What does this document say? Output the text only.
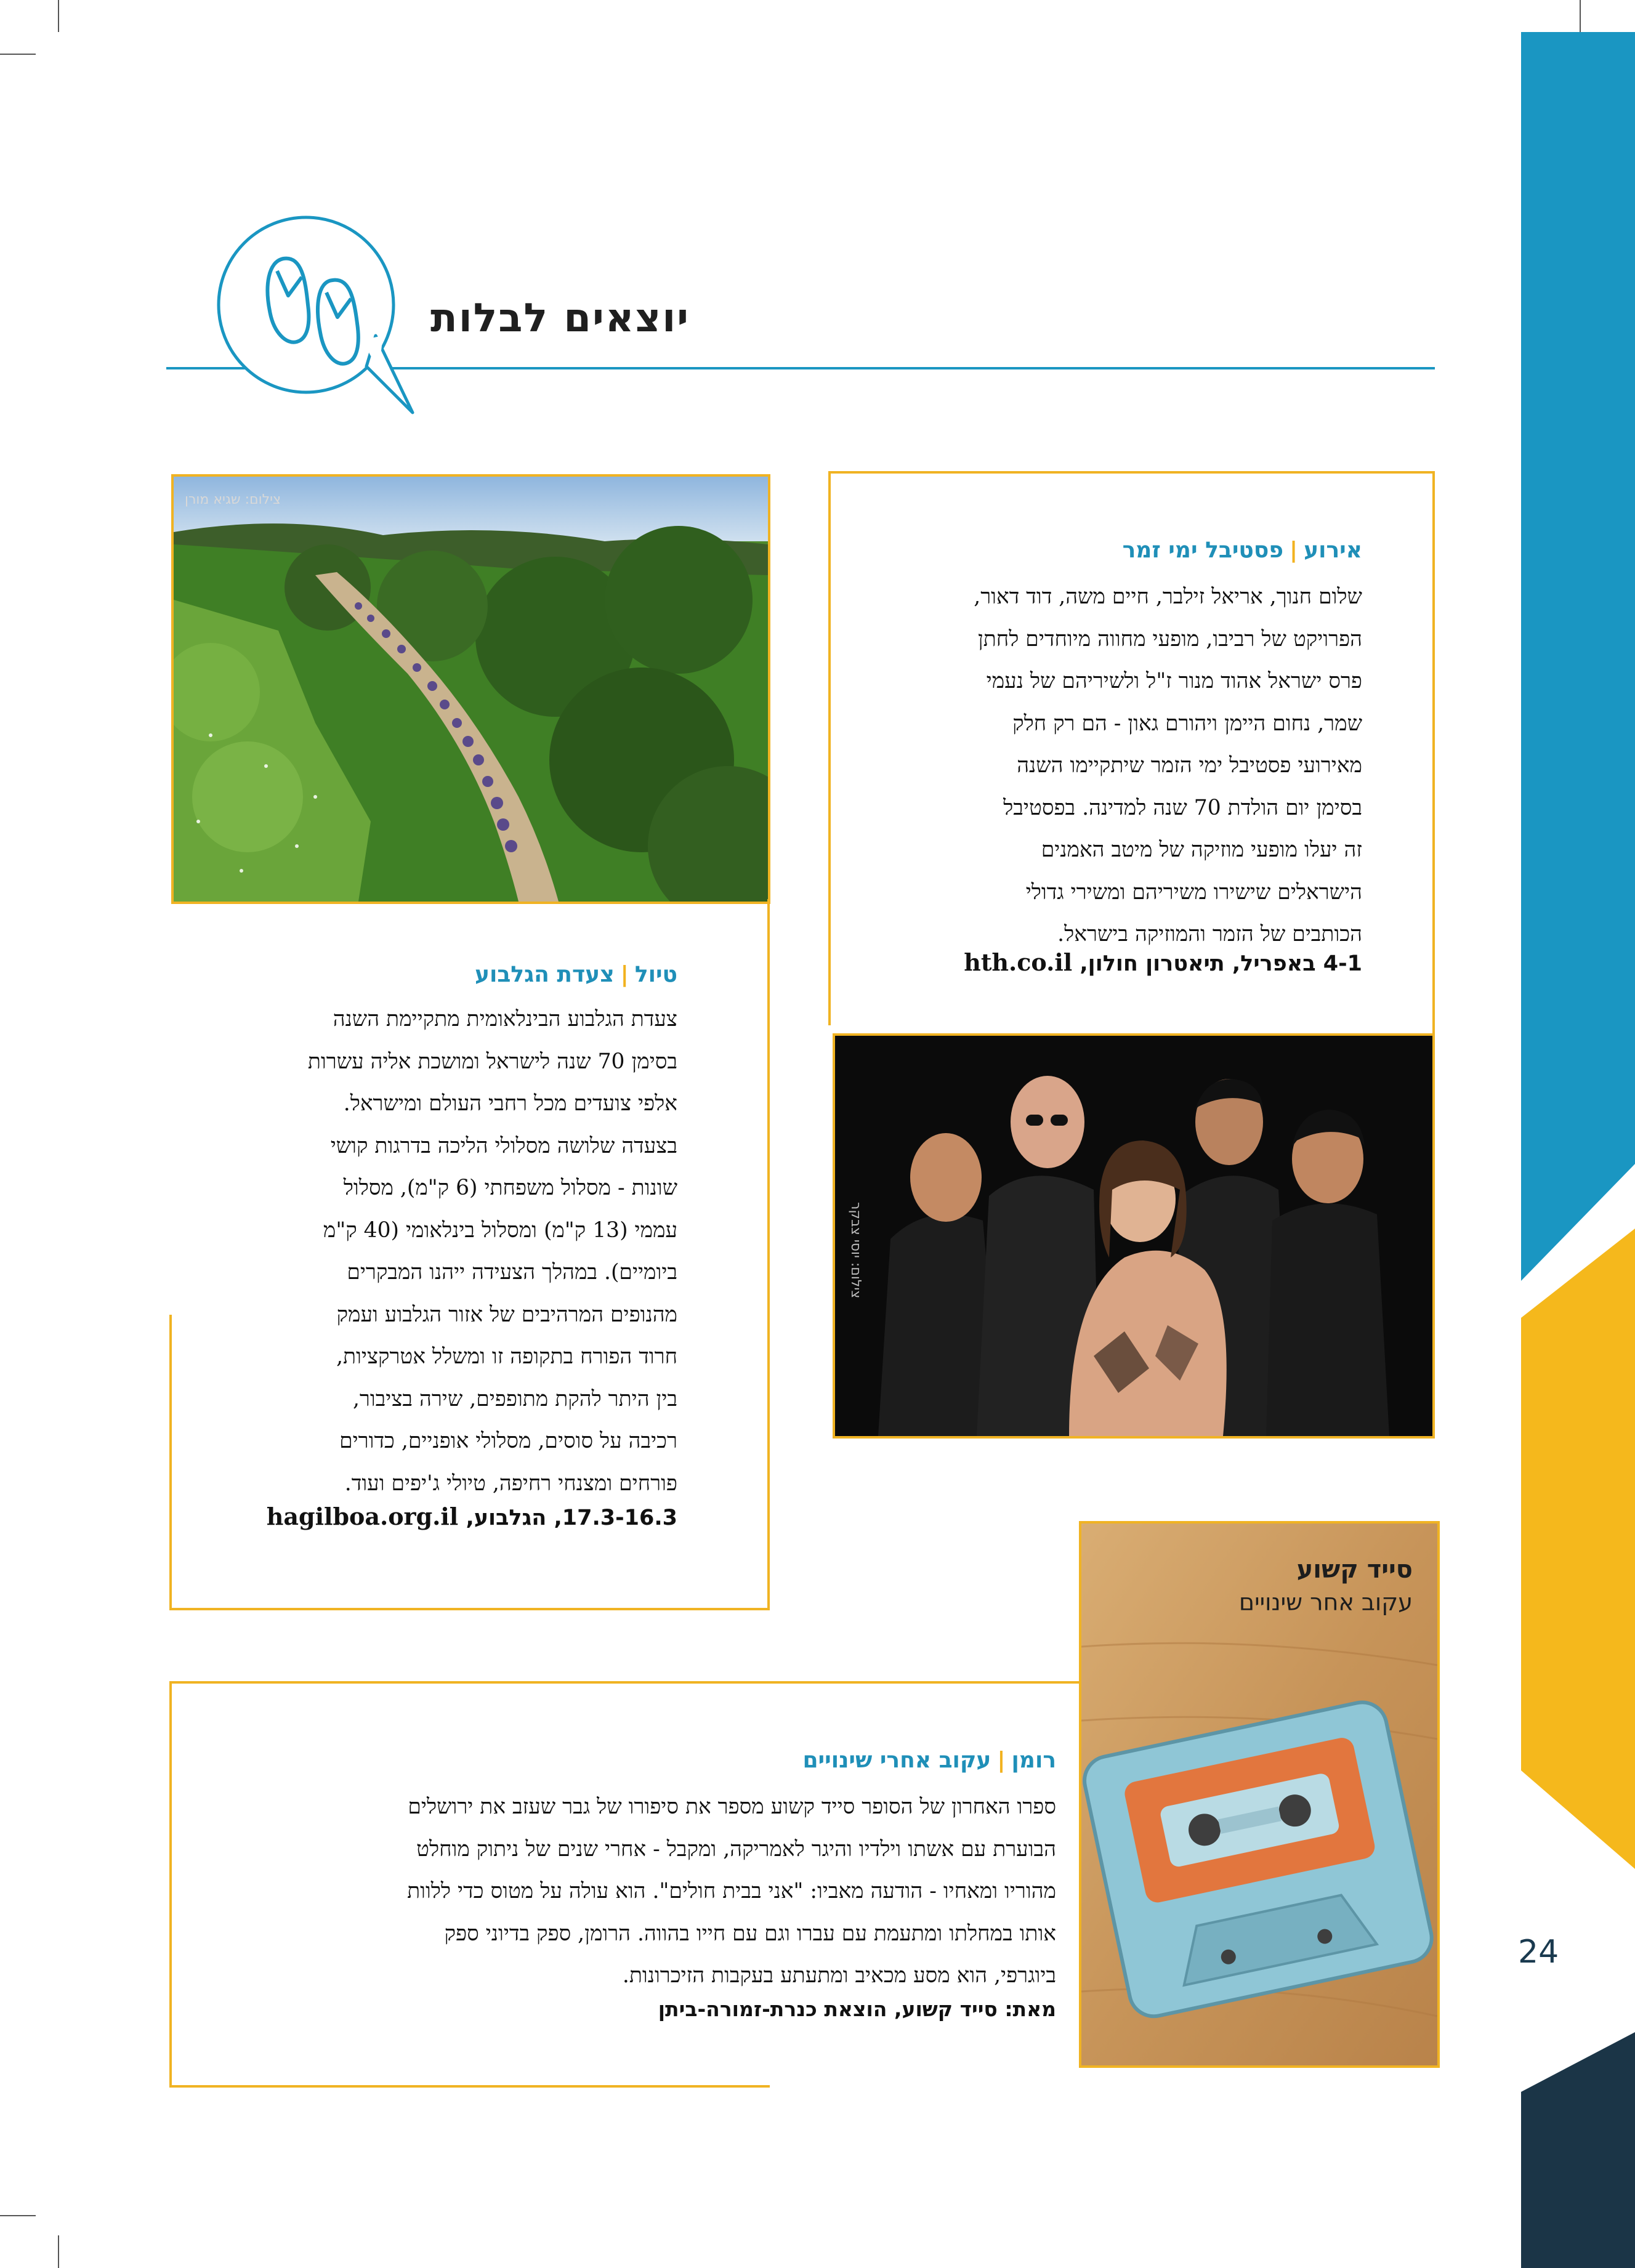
יוצאים לבלות
אירוע|פסטיבל ימי זמר
שלום חנוך, אריאל זילבר, חיים משה, דוד דאור,
הפרויקט של רביבו, מופעי מחווה מיוחדים לחתן
פרס ישראל אהוד מנור ז"ל ולשיריהם של נעמי
שמר, נחום היימן ויהורם גאון - הם רק חלק
מאירועי פסטיבל ימי הזמר שיתקיימו השנה
בסימן יום הולדת 70 שנה למדינה. בפסטיבל
זה יעלו מופעי מוזיקה של מיטב האמנים
הישראלים שישירו משיריהם ומשירי גדולי
הכותבים של הזמר והמוזיקה בישראל.
4-1 באפריל, תיאטרון חולון, hth.co.il
צילום: שגיא מורן
טיול|צעדת הגלבוע
צעדת הגלבוע הבינלאומית מתקיימת השנה
בסימן 70 שנה לישראל ומושכת אליה עשרות
אלפי צועדים מכל רחבי העולם ומישראל.
בצעדה שלושה מסלולי הליכה בדרגות קושי
שונות - מסלול משפחתי (6 ק"מ), מסלול
עממי (13 ק"מ) ומסלול בינלאומי (40 ק"מ
ביומיים). במהלך הצעידה ייהנו המבקרים
מהנופים המרהיבים של אזור הגלבוע ועמק
חרוד הפורח בתקופה זו ומשלל אטרקציות,
בין היתר להקת מתופפים, שירה בציבור,
רכיבה על סוסים, מסלולי אופניים, כדורים
פורחים ומצנחי רחיפה, טיולי ג'יפים ועוד.
17.3-16.3, הגלבוע, hagilboa.org.il
צילום: יוסי צבקר
סייד קשוע
עקוב אחר שינויים
רומן|עקוב אחרי שינויים
ספרו האחרון של הסופר סייד קשוע מספר את סיפורו של גבר שעזב את ירושלים
הבוערת עם אשתו וילדיו והיגר לאמריקה, ומקבל - אחרי שנים של ניתוק מוחלט
מהוריו ומאחיו - הודעה מאביו: "אני בבית חולים". הוא עולה על מטוס כדי ללוות
אותו במחלתו ומתעמת עם עברו וגם עם חייו בהווה. הרומן, ספק בדיוני ספק
ביוגרפי, הוא מסע מכאיב ומתעתע בעקבות הזיכרונות.
מאת: סייד קשוע, הוצאת כנרת-זמורה-ביתן
24
